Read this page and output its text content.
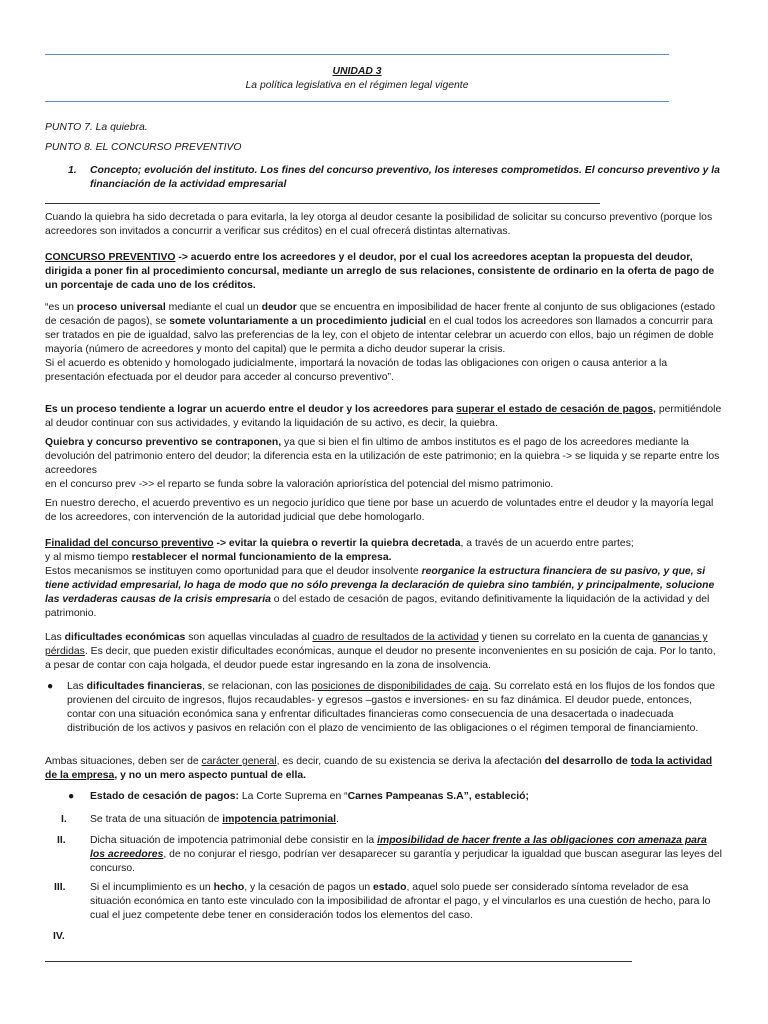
UNIDAD 3

La política legislativa en el régimen legal vigente

PUNTO 7. La quiebra.

PUNTO 8. EL CONCURSO PREVENTIVO

1.	Concepto; evolución del instituto. Los fines del concurso preventivo, los intereses comprometidos. El concurso preventivo y la financiación de la actividad empresarial

Cuando la quiebra ha sido decretada o para evitarla, la ley otorga al deudor cesante la posibilidad de solicitar su concurso preventivo (porque los acreedores son invitados a concurrir a verificar sus créditos) en el cual ofrecerá distintas alternativas.

CONCURSO PREVENTIVO -> acuerdo entre los acreedores y el deudor, por el cual los acreedores aceptan la propuesta del deudor, dirigida a poner fin al procedimiento concursal, mediante un arreglo de sus relaciones, consistente de ordinario en la oferta de pago de un porcentaje de cada uno de los créditos.

“es un proceso universal mediante el cual un deudor que se encuentra en imposibilidad de hacer frente al conjunto de sus obligaciones (estado de cesación de pagos), se somete voluntariamente a un procedimiento judicial en el cual todos los acreedores son llamados a concurrir para ser tratados en pie de igualdad, salvo las preferencias de la ley, con el objeto de intentar celebrar un acuerdo con ellos, bajo un régimen de doble mayoría (número de acreedores y monto del capital) que le permita a dicho deudor superar la crisis.
Si el acuerdo es obtenido y homologado judicialmente, importará la novación de todas las obligaciones con origen o causa anterior a la presentación efectuada por el deudor para acceder al concurso preventivo”.

Es un proceso tendiente a lograr un acuerdo entre el deudor y los acreedores para superar el estado de cesación de pagos, permitiéndole al deudor continuar con sus actividades, y evitando la liquidación de su activo, es decir, la quiebra.

Quiebra y concurso preventivo se contraponen, ya que si bien el fin ultimo de ambos institutos es el pago de los acreedores mediante la devolución del patrimonio entero del deudor; la diferencia esta en la utilización de este patrimonio; en la quiebra -> se liquida y se reparte entre los acreedores
en el concurso prev ->> el reparto se funda sobre la valoración apriorística del potencial del mismo patrimonio.

En nuestro derecho, el acuerdo preventivo es un negocio jurídico que tiene por base un acuerdo de voluntades entre el deudor y la mayoría legal de los acreedores, con intervención de la autoridad judicial que debe homologarlo.

Finalidad del concurso preventivo -> evitar la quiebra o revertir la quiebra decretada, a través de un acuerdo entre partes;
y al mismo tiempo restablecer el normal funcionamiento de la empresa.
Estos mecanismos se instituyen como oportunidad para que el deudor insolvente reorganice la estructura financiera de su pasivo, y que, si tiene actividad empresarial, lo haga de modo que no sólo prevenga la declaración de quiebra sino también, y principalmente, solucione las verdaderas causas de la crisis empresaria o del estado de cesación de pagos, evitando definitivamente la liquidación de la actividad y del patrimonio.

Las dificultades económicas son aquellas vinculadas al cuadro de resultados de la actividad y tienen su correlato en la cuenta de ganancias y pérdidas. Es decir, que pueden existir dificultades económicas, aunque el deudor no presente inconvenientes en su posición de caja. Por lo tanto, a pesar de contar con caja holgada, el deudor puede estar ingresando en la zona de insolvencia.

●	Las dificultades financieras, se relacionan, con las posiciones de disponibilidades de caja. Su correlato está en los flujos de los fondos que provienen del circuito de ingresos, flujos recaudables- y egresos –gastos e inversiones- en su faz dinámica. El deudor puede, entonces, contar con una situación económica sana y enfrentar dificultades financieras como consecuencia de una desacertada o inadecuada distribución de los activos y pasivos en relación con el plazo de vencimiento de las obligaciones o el régimen temporal de financiamiento.

Ambas situaciones, deben ser de carácter general, es decir, cuando de su existencia se deriva la afectación del desarrollo de toda la actividad de la empresa, y no un mero aspecto puntual de ella.

●	Estado de cesación de pagos: La Corte Suprema en “Carnes Pampeanas S.A”, estableció;

I.	Se trata de una situación de impotencia patrimonial.

II.	Dicha situación de impotencia patrimonial debe consistir en la imposibilidad de hacer frente a las obligaciones con amenaza para los acreedores, de no conjurar el riesgo, podrían ver desaparecer su garantía y perjudicar la igualdad que buscan asegurar las leyes del concurso.

III.	Si el incumplimiento es un hecho, y la cesación de pagos un estado, aquel solo puede ser considerado síntoma revelador de esa situación económica en tanto este vinculado con la imposibilidad de afrontar el pago, y el vincularlos es una cuestión de hecho, para lo cual el juez competente debe tener en consideración todos los elementos del caso.

IV.
